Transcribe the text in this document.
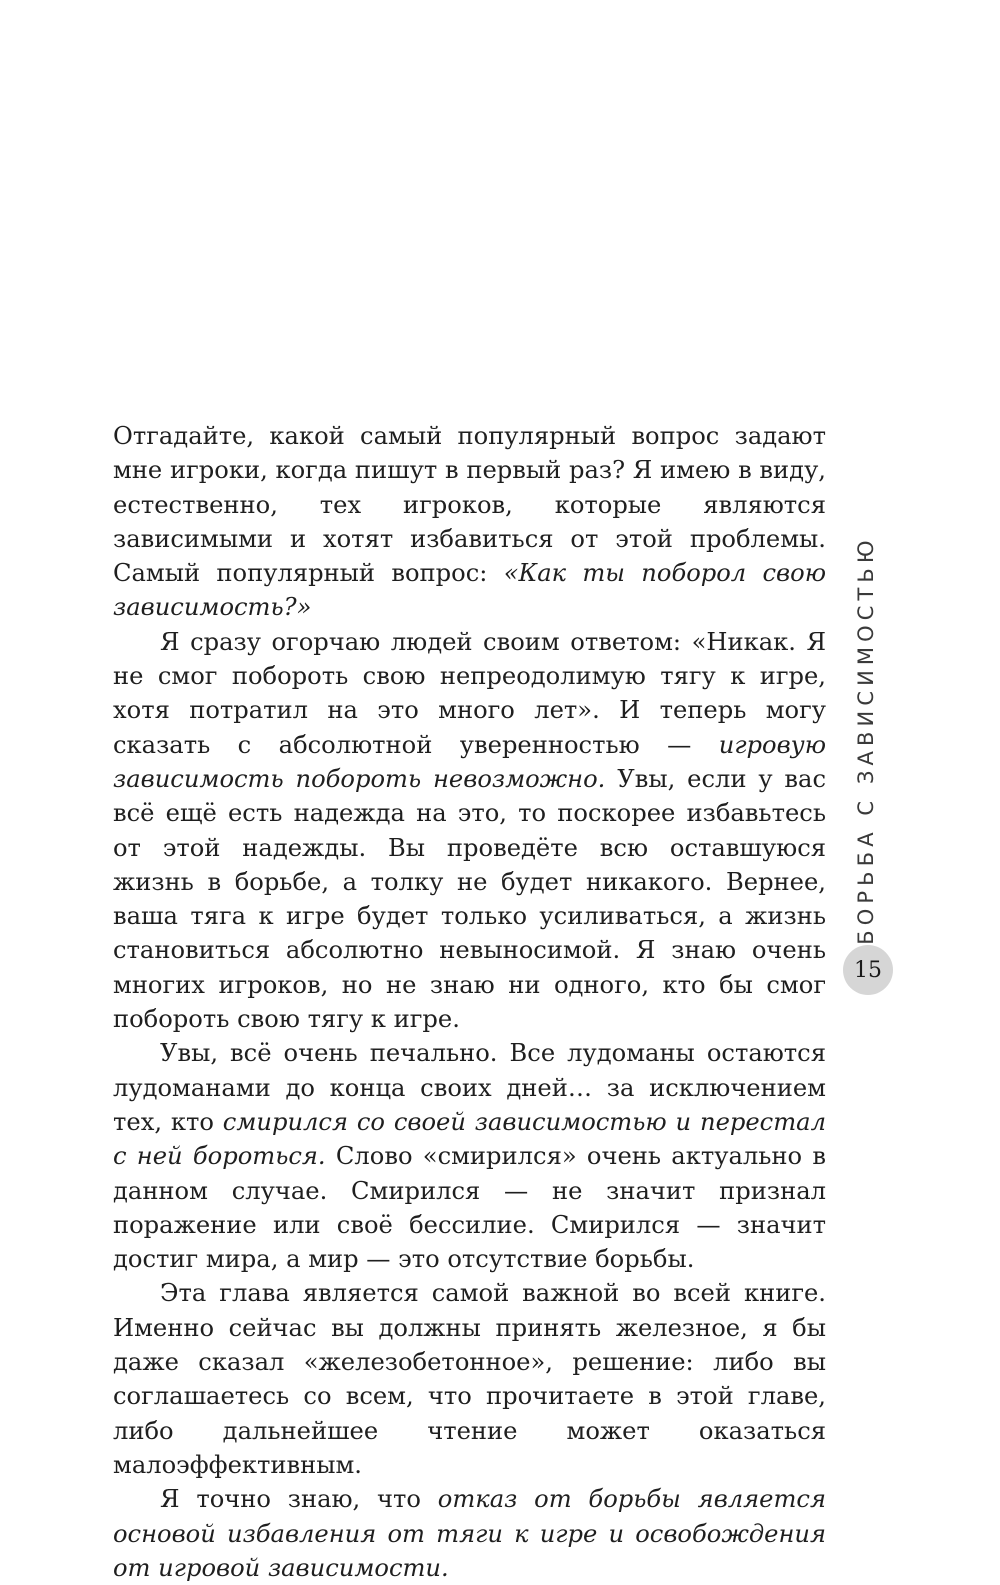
Отгадайте, какой самый популярный вопрос задают мне игроки, когда пишут в первый раз? Я имею в виду, естественно, тех игроков, которые являются зависимыми и хотят избавиться от этой проблемы. Самый популярный вопрос: «Как ты поборол свою зависимость?»

Я сразу огорчаю людей своим ответом: «Никак. Я не смог побороть свою непреодолимую тягу к игре, хотя потратил на это много лет». И теперь могу сказать с абсолютной уверенностью — игровую зависимость побороть невозможно. Увы, если у вас всё ещё есть надежда на это, то поскорее избавьтесь от этой надежды. Вы проведёте всю оставшуюся жизнь в борьбе, а толку не будет никакого. Вернее, ваша тяга к игре будет только усиливаться, а жизнь становиться абсолютно невыносимой. Я знаю очень многих игроков, но не знаю ни одного, кто бы смог побороть свою тягу к игре.

Увы, всё очень печально. Все лудоманы остаются лудоманами до конца своих дней… за исключением тех, кто смирился со своей зависимостью и перестал с ней бороться. Слово «смирился» очень актуально в данном случае. Смирился — не значит признал поражение или своё бессилие. Смирился — значит достиг мира, а мир — это отсутствие борьбы.

Эта глава является самой важной во всей книге. Именно сейчас вы должны принять железное, я бы даже сказал «железобетонное», решение: либо вы соглашаетесь со всем, что прочитаете в этой главе, либо дальнейшее чтение может оказаться малоэффективным.

Я точно знаю, что отказ от борьбы является основой избавления от тяги к игре и освобождения от игровой зависимости.

БОРЬБА С ЗАВИСИМОСТЬЮ
15
